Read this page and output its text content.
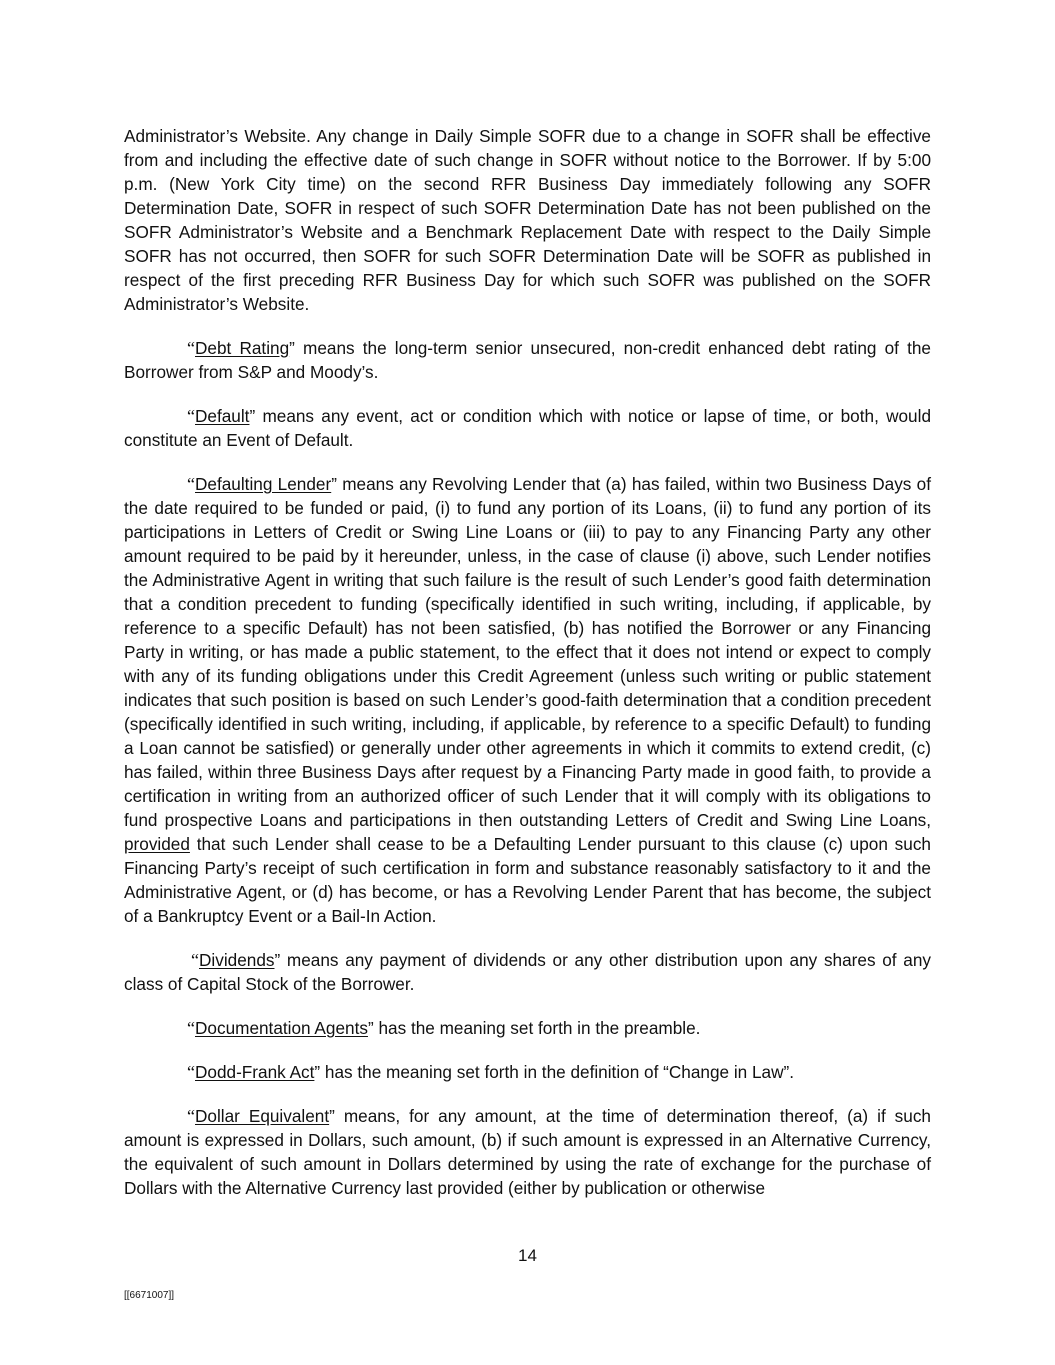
Administrator’s Website. Any change in Daily Simple SOFR due to a change in SOFR shall be effective from and including the effective date of such change in SOFR without notice to the Borrower. If by 5:00 p.m. (New York City time) on the second RFR Business Day immediately following any SOFR Determination Date, SOFR in respect of such SOFR Determination Date has not been published on the SOFR Administrator’s Website and a Benchmark Replacement Date with respect to the Daily Simple SOFR has not occurred, then SOFR for such SOFR Determination Date will be SOFR as published in respect of the first preceding RFR Business Day for which such SOFR was published on the SOFR Administrator’s Website.

“Debt Rating” means the long-term senior unsecured, non-credit enhanced debt rating of the Borrower from S&P and Moody’s.

“Default” means any event, act or condition which with notice or lapse of time, or both, would constitute an Event of Default.

“Defaulting Lender” means any Revolving Lender that (a) has failed, within two Business Days of the date required to be funded or paid, (i) to fund any portion of its Loans, (ii) to fund any portion of its participations in Letters of Credit or Swing Line Loans or (iii) to pay to any Financing Party any other amount required to be paid by it hereunder, unless, in the case of clause (i) above, such Lender notifies the Administrative Agent in writing that such failure is the result of such Lender’s good faith determination that a condition precedent to funding (specifically identified in such writing, including, if applicable, by reference to a specific Default) has not been satisfied, (b) has notified the Borrower or any Financing Party in writing, or has made a public statement, to the effect that it does not intend or expect to comply with any of its funding obligations under this Credit Agreement (unless such writing or public statement indicates that such position is based on such Lender’s good-faith determination that a condition precedent (specifically identified in such writing, including, if applicable, by reference to a specific Default) to funding a Loan cannot be satisfied) or generally under other agreements in which it commits to extend credit, (c) has failed, within three Business Days after request by a Financing Party made in good faith, to provide a certification in writing from an authorized officer of such Lender that it will comply with its obligations to fund prospective Loans and participations in then outstanding Letters of Credit and Swing Line Loans, provided that such Lender shall cease to be a Defaulting Lender pursuant to this clause (c) upon such Financing Party’s receipt of such certification in form and substance reasonably satisfactory to it and the Administrative Agent, or (d) has become, or has a Revolving Lender Parent that has become, the subject of a Bankruptcy Event or a Bail-In Action.

“Dividends” means any payment of dividends or any other distribution upon any shares of any class of Capital Stock of the Borrower.

“Documentation Agents” has the meaning set forth in the preamble.

“Dodd-Frank Act” has the meaning set forth in the definition of “Change in Law”.

“Dollar Equivalent” means, for any amount, at the time of determination thereof, (a) if such amount is expressed in Dollars, such amount, (b) if such amount is expressed in an Alternative Currency, the equivalent of such amount in Dollars determined by using the rate of exchange for the purchase of Dollars with the Alternative Currency last provided (either by publication or otherwise

14
[[6671007]]
